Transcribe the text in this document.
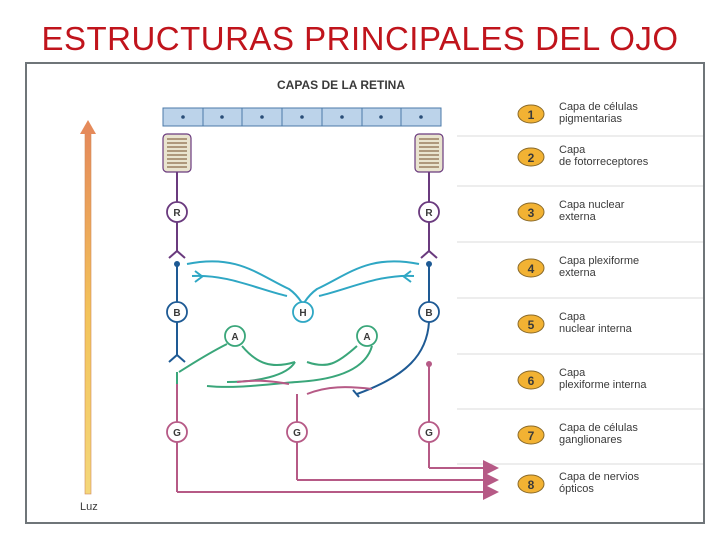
ESTRUCTURAS PRINCIPALES DEL OJO
CAPAS DE LA RETINA
Luz
R	R
H
B	B
A	A
G	G	G
1
Capa de células
pigmentarias
2
Capa
de fotorreceptores
3
Capa nuclear
externa
4
Capa plexiforme
externa
5
Capa
nuclear interna
6
Capa
plexiforme interna
7
Capa de células
ganglionares
8
Capa de nervios
ópticos
